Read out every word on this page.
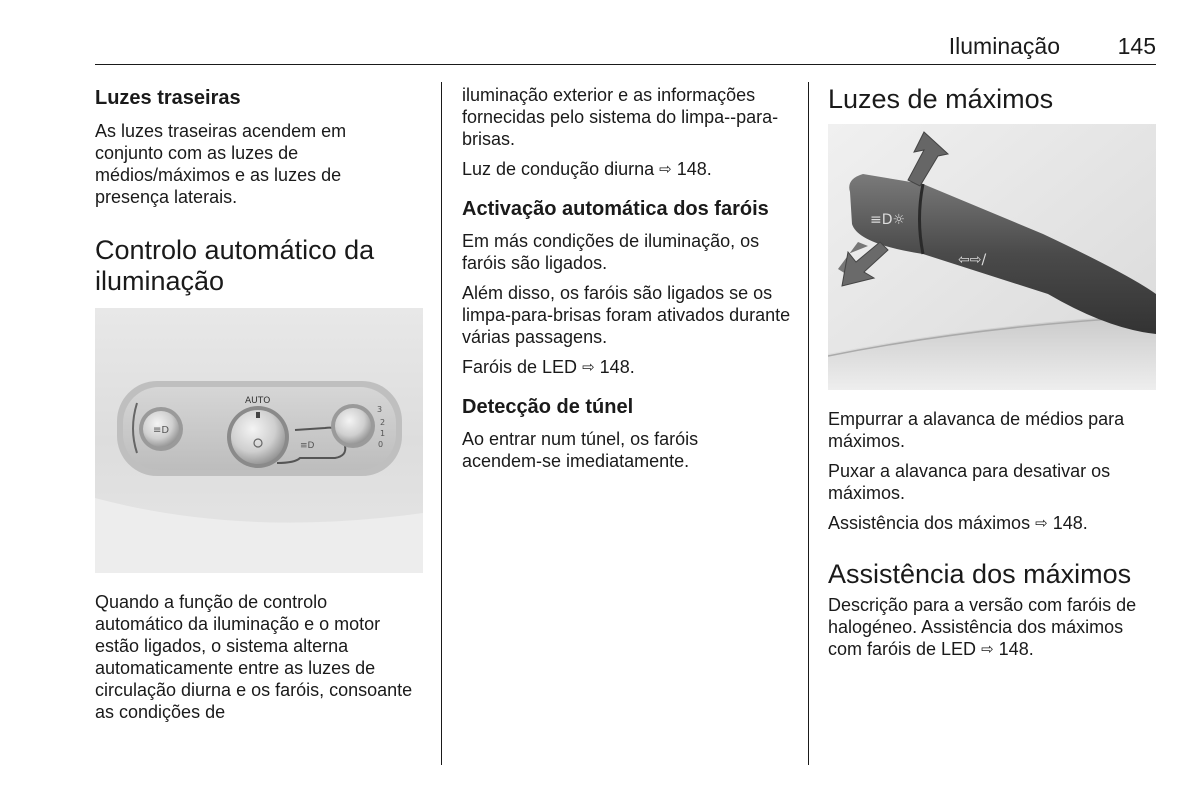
Iluminação	145
Luzes traseiras

As luzes traseiras acendem em conjunto com as luzes de médios/máximos e as luzes de presença laterais.

Controlo automático da
iluminação
≡D
≡D
AUTO
3
2
1
0

Quando a função de controlo automático da iluminação e o motor estão ligados, o sistema alterna automaticamente entre as luzes de circulação diurna e os faróis, consoante as condições de

iluminação exterior e as informações fornecidas pelo sistema do limpa--para-brisas.

Luz de condução diurna ⇨ 148.

Activação automática dos faróis

Em más condições de iluminação, os faróis são ligados.

Além disso, os faróis são ligados se os limpa-para-brisas foram ativados durante várias passagens.

Faróis de LED ⇨ 148.

Detecção de túnel

Ao entrar num túnel, os faróis acendem-se imediatamente.

Luzes de máximos
≡D☼
⇦⇨/

Empurrar a alavanca de médios para máximos.

Puxar a alavanca para desativar os máximos.

Assistência dos máximos ⇨ 148.

Assistência dos máximos

Descrição para a versão com faróis de halogéneo. Assistência dos máximos com faróis de LED ⇨ 148.
